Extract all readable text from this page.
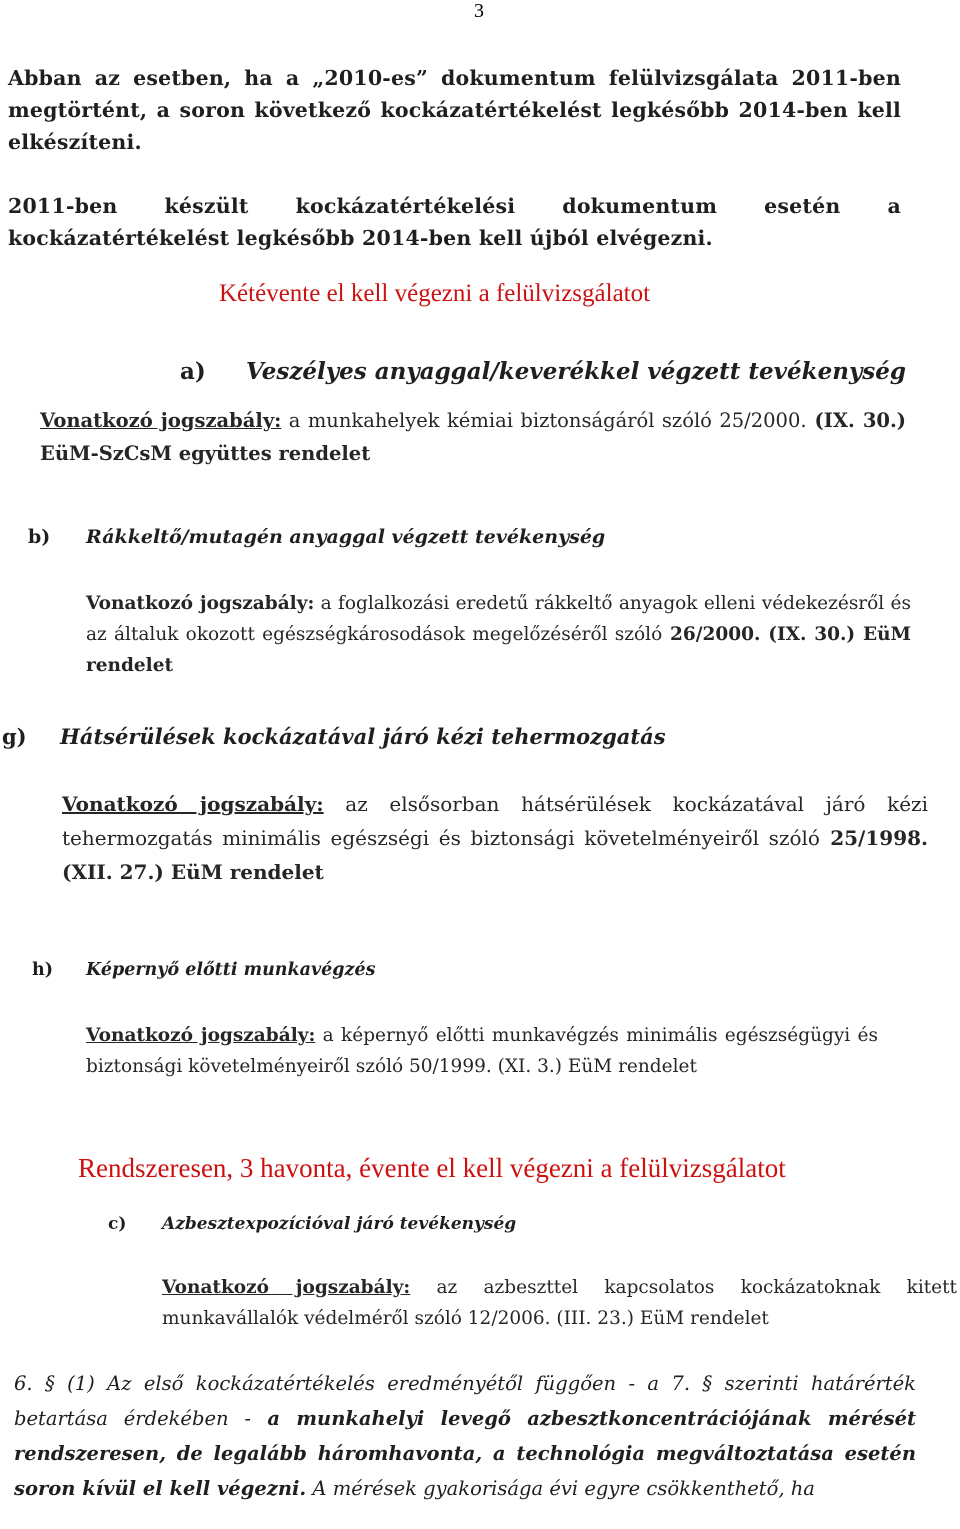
3
Abban az esetben, ha a „2010-es” dokumentum felülvizsgálata 2011-ben megtörtént, a soron következő kockázatértékelést legkésőbb 2014-ben kell elkészíteni.
2011-ben készült kockázatértékelési dokumentum esetén a kockázatértékelést legkésőbb 2014-ben kell újból elvégezni.
Kétévente el kell végezni a felülvizsgálatot
a) Veszélyes anyaggal/keverékkel végzett tevékenység
Vonatkozó jogszabály: a munkahelyek kémiai biztonságáról szóló 25/2000. (IX. 30.) EüM-SzCsM együttes rendelet
b) Rákkeltő/mutagén anyaggal végzett tevékenység
Vonatkozó jogszabály: a foglalkozási eredetű rákkeltő anyagok elleni védekezésről és az általuk okozott egészségkárosodások megelőzéséről szóló 26/2000. (IX. 30.) EüM rendelet
g) Hátsérülések kockázatával járó kézi tehermozgatás
Vonatkozó jogszabály: az elsősorban hátsérülések kockázatával járó kézi tehermozgatás minimális egészségi és biztonsági követelményeiről szóló 25/1998. (XII. 27.) EüM rendelet
h) Képernyő előtti munkavégzés
Vonatkozó jogszabály: a képernyő előtti munkavégzés minimális egészségügyi és biztonsági követelményeiről szóló 50/1999. (XI. 3.) EüM rendelet
Rendszeresen, 3 havonta, évente el kell végezni a felülvizsgálatot
c) Azbesztexpozícióval járó tevékenység
Vonatkozó jogszabály: az azbeszttel kapcsolatos kockázatoknak kitett munkavállalók védelméről szóló 12/2006. (III. 23.) EüM rendelet
6. § (1) Az első kockázatértékelés eredményétől függően - a 7. § szerinti határérték betartása érdekében - a munkahelyi levegő azbesztkoncentrációjának mérését rendszeresen, de legalább háromhavonta, a technológia megváltoztatása esetén soron kívül el kell végezni. A mérések gyakorisága évi egyre csökkenthető, ha
